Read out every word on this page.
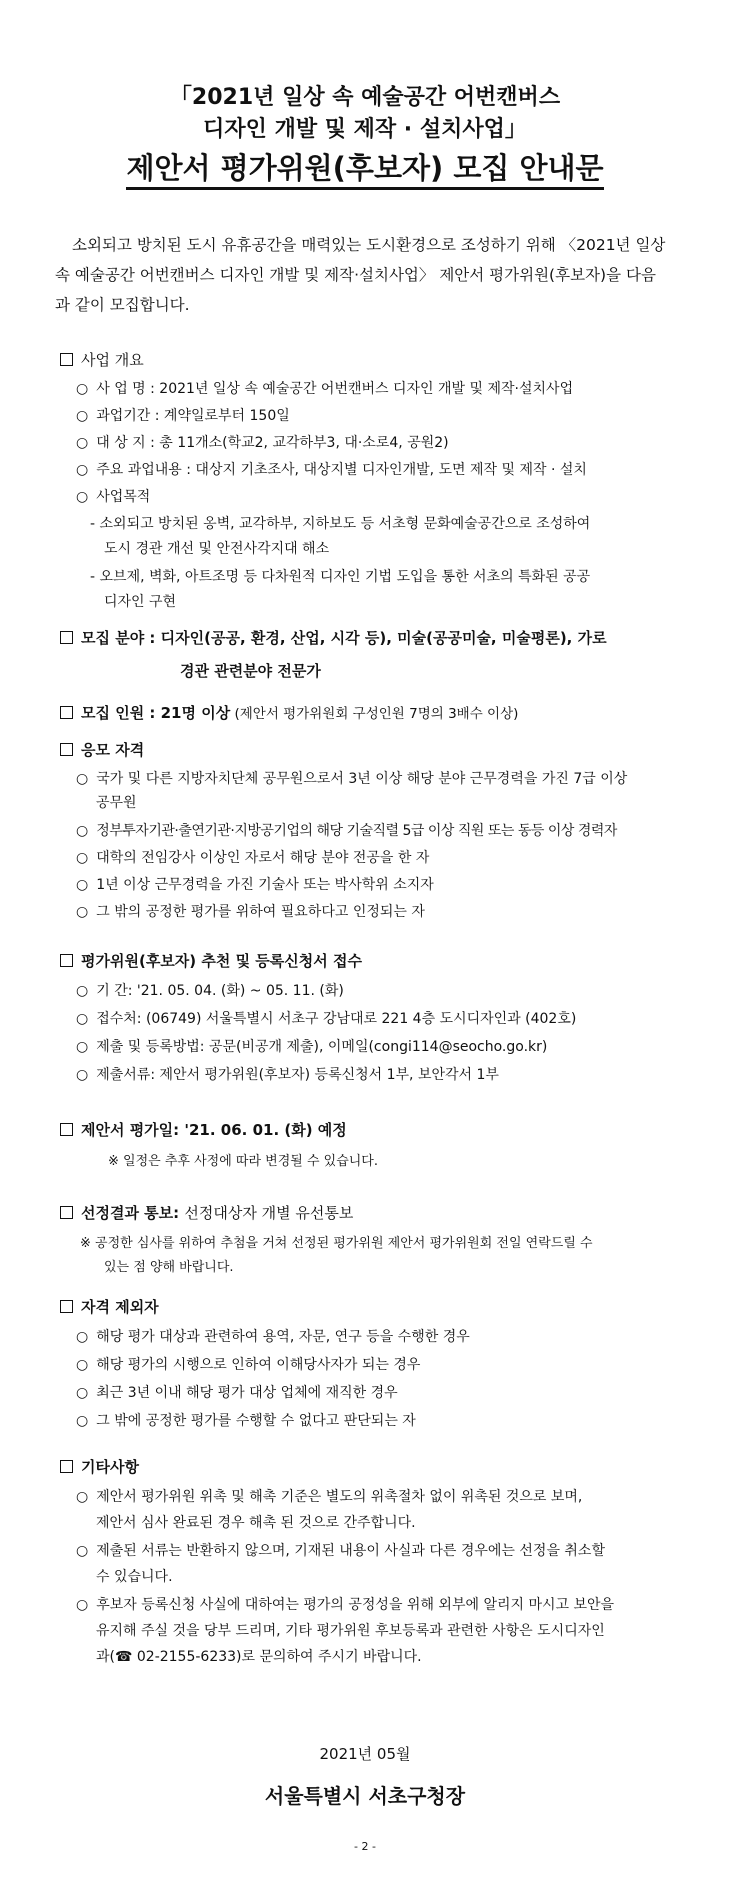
「2021년 일상 속 예술공간 어번캔버스
디자인 개발 및 제작 · 설치사업」
제안서 평가위원(후보자) 모집 안내문
소외되고 방치된 도시 유휴공간을 매력있는 도시환경으로 조성하기 위해 〈2021년 일상
속 예술공간 어번캔버스 디자인 개발 및 제작·설치사업〉 제안서 평가위원(후보자)을 다음
과 같이 모집합니다.
사업 개요
○ 사 업 명 : 2021년 일상 속 예술공간 어번캔버스 디자인 개발 및 제작·설치사업
○ 과업기간 : 계약일로부터 150일
○ 대 상 지 : 총 11개소(학교2, 교각하부3, 대·소로4, 공원2)
○ 주요 과업내용 : 대상지 기초조사, 대상지별 디자인개발, 도면 제작 및 제작 · 설치
○ 사업목적
- 소외되고 방치된 옹벽, 교각하부, 지하보도 등 서초형 문화예술공간으로 조성하여
도시 경관 개선 및 안전사각지대 해소
- 오브제, 벽화, 아트조명 등 다차원적 디자인 기법 도입을 통한 서초의 특화된 공공
디자인 구현
모집 분야 : 디자인(공공, 환경, 산업, 시각 등), 미술(공공미술, 미술평론), 가로
경관 관련분야 전문가
모집 인원 : 21명 이상 (제안서 평가위원회 구성인원 7명의 3배수 이상)
응모 자격
○ 국가 및 다른 지방자치단체 공무원으로서 3년 이상 해당 분야 근무경력을 가진 7급 이상
공무원
○ 정부투자기관·출연기관·지방공기업의 해당 기술직렬 5급 이상 직원 또는 동등 이상 경력자
○ 대학의 전임강사 이상인 자로서 해당 분야 전공을 한 자
○ 1년 이상 근무경력을 가진 기술사 또는 박사학위 소지자
○ 그 밖의 공정한 평가를 위하여 필요하다고 인정되는 자
평가위원(후보자) 추천 및 등록신청서 접수
○ 기 간: '21. 05. 04. (화) ~ 05. 11. (화)
○ 접수처: (06749) 서울특별시 서초구 강남대로 221 4층 도시디자인과 (402호)
○ 제출 및 등록방법: 공문(비공개 제출), 이메일(congi114@seocho.go.kr)
○ 제출서류: 제안서 평가위원(후보자) 등록신청서 1부, 보안각서 1부
제안서 평가일: '21. 06. 01. (화) 예정
※ 일정은 추후 사정에 따라 변경될 수 있습니다.
선정결과 통보: 선정대상자 개별 유선통보
※ 공정한 심사를 위하여 추첨을 거쳐 선정된 평가위원 제안서 평가위원회 전일 연락드릴 수
있는 점 양해 바랍니다.
자격 제외자
○ 해당 평가 대상과 관련하여 용역, 자문, 연구 등을 수행한 경우
○ 해당 평가의 시행으로 인하여 이해당사자가 되는 경우
○ 최근 3년 이내 해당 평가 대상 업체에 재직한 경우
○ 그 밖에 공정한 평가를 수행할 수 없다고 판단되는 자
기타사항
○ 제안서 평가위원 위촉 및 해촉 기준은 별도의 위촉절차 없이 위촉된 것으로 보며,
제안서 심사 완료된 경우 해촉 된 것으로 간주합니다.
○ 제출된 서류는 반환하지 않으며, 기재된 내용이 사실과 다른 경우에는 선정을 취소할
수 있습니다.
○ 후보자 등록신청 사실에 대하여는 평가의 공정성을 위해 외부에 알리지 마시고 보안을
유지해 주실 것을 당부 드리며, 기타 평가위원 후보등록과 관련한 사항은 도시디자인
과(☎ 02-2155-6233)로 문의하여 주시기 바랍니다.
2021년 05월
서울특별시 서초구청장
- 2 -
